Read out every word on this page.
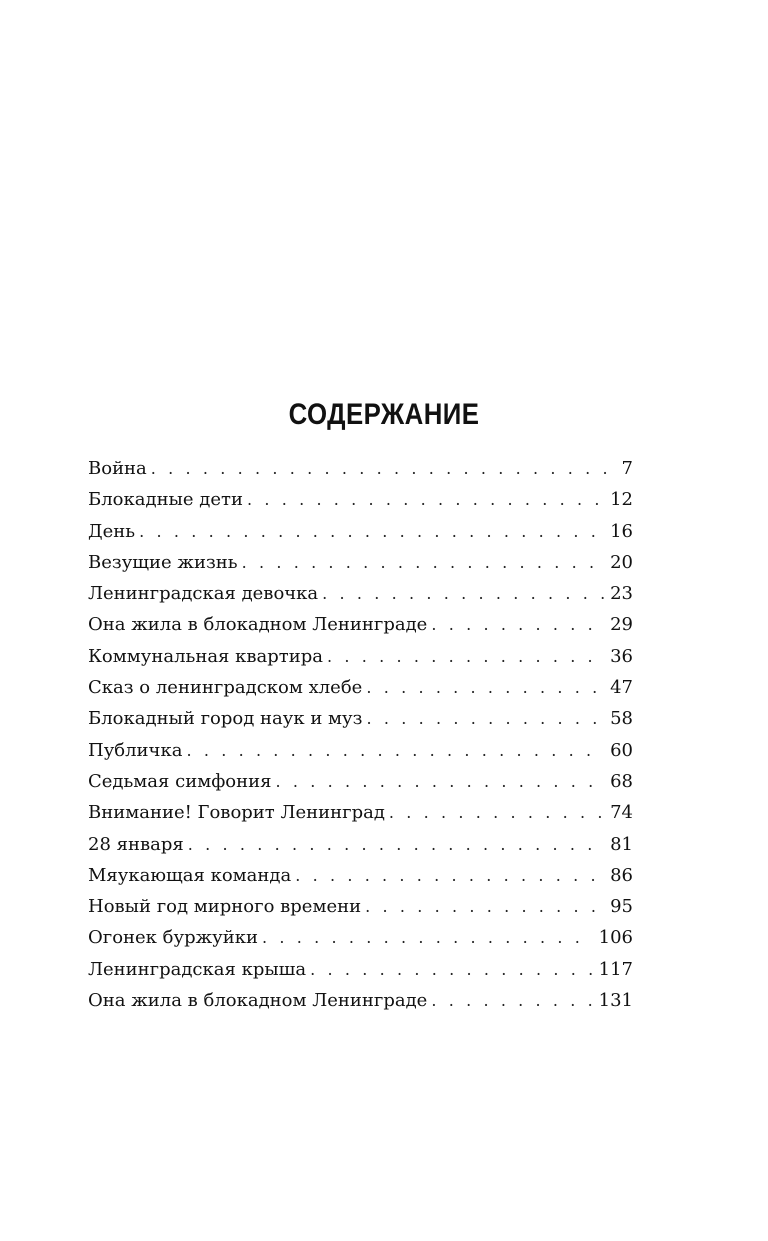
СОДЕРЖАНИЕ
Война . . .	7
Блокадные дети . . .	12
День . . .	16
Везущие жизнь . . .	20
Ленинградская девочка . . .	23
Она жила в блокадном Ленинграде . . .	29
Коммунальная квартира . . .	36
Сказ о ленинградском хлебе . . .	47
Блокадный город наук и муз . . .	58
Публичка . . .	60
Седьмая симфония . . .	68
Внимание! Говорит Ленинград . . .	74
28 января . . .	81
Мяукающая команда . . .	86
Новый год мирного времени . . .	95
Огонек буржуйки . . .	106
Ленинградская крыша . . .	117
Она жила в блокадном Ленинграде . . .	131
